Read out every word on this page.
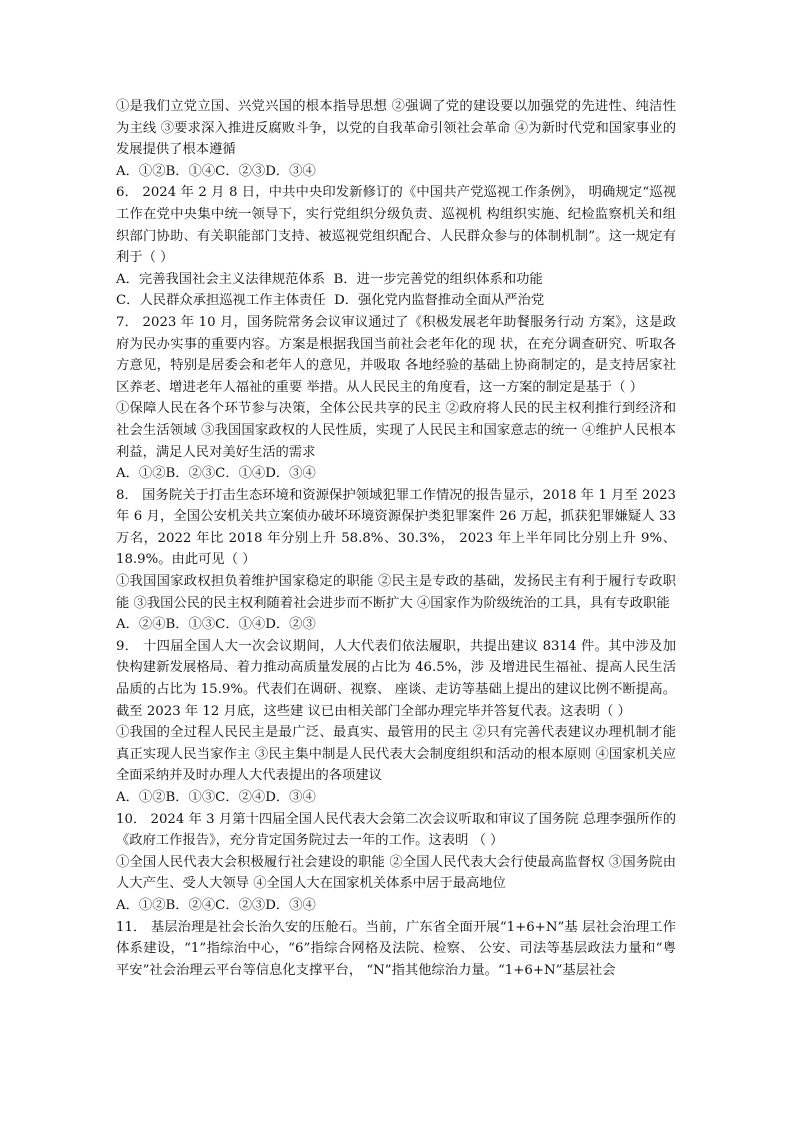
①是我们立党立国、兴党兴国的根本指导思想 ②强调了党的建设要以加强党的先进性、纯洁性为主线 ③要求深入推进反腐败斗争，以党的自我革命引领社会革命 ④为新时代党和国家事业的发展提供了根本遵循

A．①②B．①④C．②③D．③④

6． 2024 年 2 月 8 日，中共中央印发新修订的《中国共产党巡视工作条例》， 明确规定“巡视工作在党中央集中统一领导下，实行党组织分级负责、巡视机 构组织实施、纪检监察机关和组织部门协助、有关职能部门支持、被巡视党组织配合、人民群众参与的体制机制”。这一规定有利于（ ）

A．完善我国社会主义法律规范体系  B．进一步完善党的组织体系和功能

C．人民群众承担巡视工作主体责任  D．强化党内监督推动全面从严治党

7． 2023 年 10 月，国务院常务会议审议通过了《积极发展老年助餐服务行动 方案》，这是政府为民办实事的重要内容。方案是根据我国当前社会老年化的现 状，在充分调查研究、听取各方意见，特别是居委会和老年人的意见，并吸取 各地经验的基础上协商制定的，是支持居家社区养老、增进老年人福祉的重要 举措。从人民民主的角度看，这一方案的制定是基于（ ）

①保障人民在各个环节参与决策，全体公民共享的民主 ②政府将人民的民主权利推行到经济和社会生活领域 ③我国国家政权的人民性质，实现了人民民主和国家意志的统一 ④维护人民根本利益，满足人民对美好生活的需求

A．①②B．②③C．①④D．③④

8． 国务院关于打击生态环境和资源保护领域犯罪工作情况的报告显示，2018 年 1 月至 2023 年 6 月，全国公安机关共立案侦办破坏环境资源保护类犯罪案件 26 万起，抓获犯罪嫌疑人 33 万名，2022 年比 2018 年分别上升 58.8%、30.3%， 2023 年上半年同比分别上升 9%、18.9%。由此可见（ ）

①我国国家政权担负着维护国家稳定的职能 ②民主是专政的基础，发扬民主有利于履行专政职能 ③我国公民的民主权利随着社会进步而不断扩大 ④国家作为阶级统治的工具，具有专政职能

A．②④B．①③C．①④D．②③

9． 十四届全国人大一次会议期间，人大代表们依法履职，共提出建议 8314 件。其中涉及加快构建新发展格局、着力推动高质量发展的占比为 46.5%，涉 及增进民生福祉、提高人民生活品质的占比为 15.9%。代表们在调研、视察、 座谈、走访等基础上提出的建议比例不断提高。截至 2023 年 12 月底，这些建 议已由相关部门全部办理完毕并答复代表。这表明（ ）

①我国的全过程人民民主是最广泛、最真实、最管用的民主 ②只有完善代表建议办理机制才能真正实现人民当家作主 ③民主集中制是人民代表大会制度组织和活动的根本原则 ④国家机关应全面采纳并及时办理人大代表提出的各项建议

A．①②B．①③C．②④D．③④

10． 2024 年 3 月第十四届全国人民代表大会第二次会议听取和审议了国务院 总理李强所作的《政府工作报告》，充分肯定国务院过去一年的工作。这表明 （ ）

①全国人民代表大会积极履行社会建设的职能 ②全国人民代表大会行使最高监督权 ③国务院由人大产生、受人大领导 ④全国人大在国家机关体系中居于最高地位

A．①②B．②④C．②③D．③④

11． 基层治理是社会长治久安的压舱石。当前，广东省全面开展“1+6+N”基 层社会治理工作体系建设，“1”指综治中心，“6”指综合网格及法院、检察、 公安、司法等基层政法力量和“粤平安”社会治理云平台等信息化支撑平台， “N”指其他综治力量。“1+6+N”基层社会
